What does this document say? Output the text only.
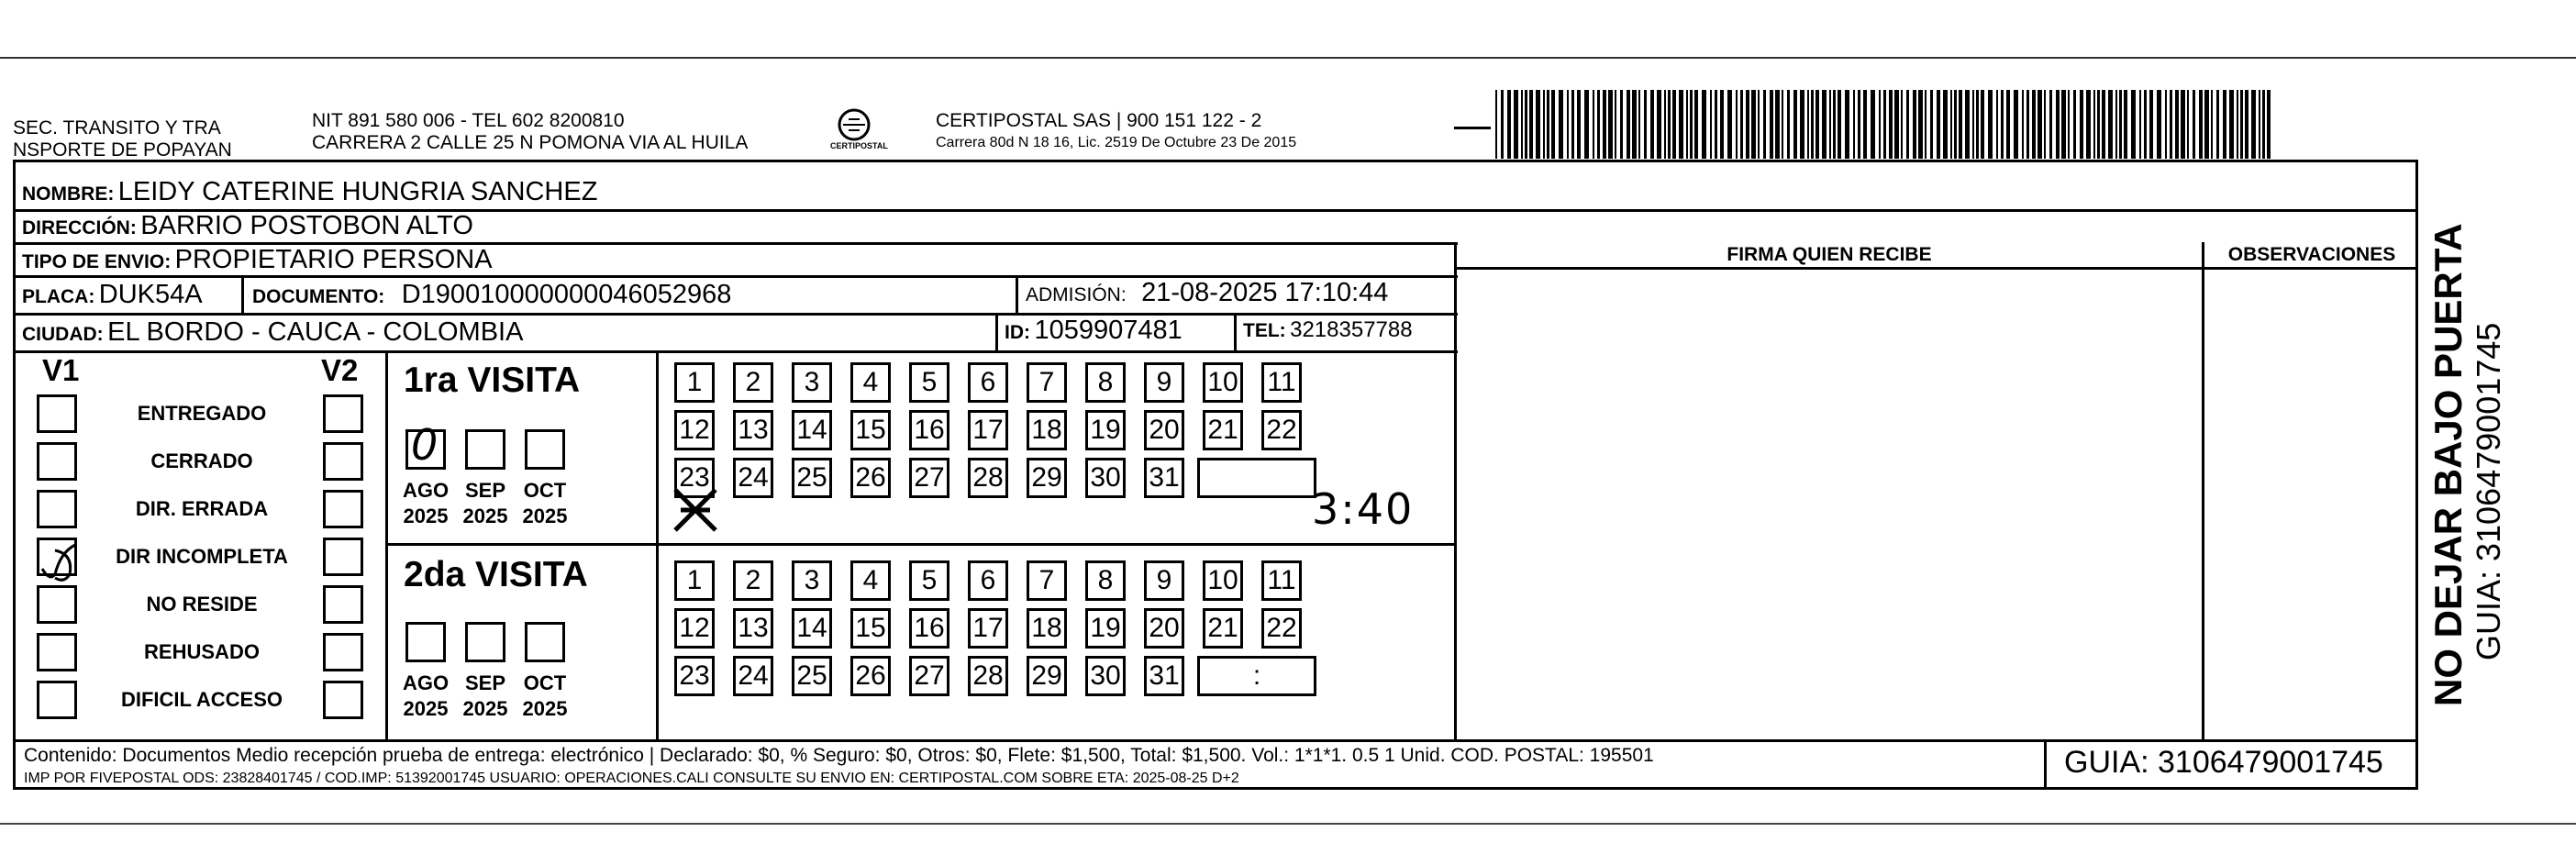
SEC. TRANSITO Y TRA
NSPORTE DE POPAYAN
NIT 891 580 006 - TEL 602 8200810
CARRERA 2 CALLE 25 N POMONA VIA AL HUILA	CERTIPOSTAL
CERTIPOSTAL SAS | 900 151 122 - 2
Carrera 80d N 18 16, Lic. 2519 De Octubre 23 De 2015
NOMBRE: LEIDY CATERINE HUNGRIA SANCHEZ
DIRECCIÓN: BARRIO POSTOBON ALTO
TIPO DE ENVIO: PROPIETARIO PERSONA
PLACA: DUK54A	DOCUMENTO: D190010000000046052968	ADMISIÓN: 21-08-2025 17:10:44
CIUDAD: EL BORDO - CAUCA - COLOMBIA	ID: 1059907481	TEL: 3218357788
FIRMA QUIEN RECIBE	OBSERVACIONES
V1	V2
ENTREGADO
CERRADO
DIR. ERRADA
DIR INCOMPLETA
NO RESIDE
REHUSADO
DIFICIL ACCESO
1ra VISITA
2da VISITA
AGO
2025
SEP
2025
OCT
2025
AGO
2025
SEP
2025
OCT
2025
1	2	3	4	5	6	7	8	9	10 11
12 13 14 15 16 17 18 19 20 21 22
23 24 25 26 27 28 29 30 31
1	2	3	4	5	6	7	8	9	10 11
12 13 14 15 16 17 18 19 20 21 22
23 24 25 26 27 28 29 30 31	:
0
3:40
Contenido: Documentos Medio recepción prueba de entrega: electrónico | Declarado: $0, % Seguro: $0, Otros: $0, Flete: $1,500, Total: $1,500. Vol.: 1*1*1. 0.5 1 Unid. COD. POSTAL: 195501
IMP POR FIVEPOSTAL ODS: 23828401745 / COD.IMP: 51392001745 USUARIO: OPERACIONES.CALI CONSULTE SU ENVIO EN: CERTIPOSTAL.COM SOBRE ETA: 2025-08-25 D+2	GUIA: 3106479001745
NO DEJAR BAJO PUERTA GUIA: 3106479001745
